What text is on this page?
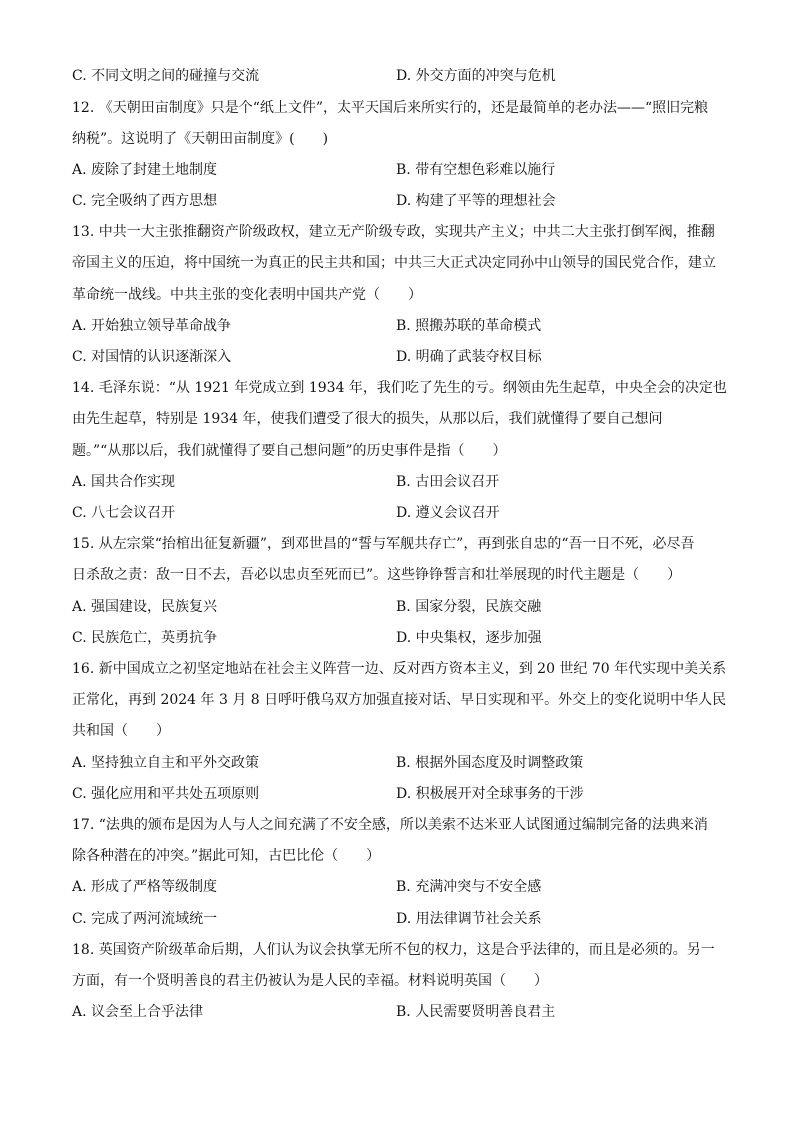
C. 不同文明之间的碰撞与交流	D. 外交方面的冲突与危机
12. 《天朝田亩制度》只是个“纸上文件”，太平天国后来所实行的，还是最简单的老办法——“照旧完粮
纳税”。这说明了《天朝田亩制度》(　　)
A. 废除了封建土地制度	B. 带有空想色彩难以施行
C. 完全吸纳了西方思想	D. 构建了平等的理想社会
13. 中共一大主张推翻资产阶级政权，建立无产阶级专政，实现共产主义；中共二大主张打倒军阀，推翻
帝国主义的压迫，将中国统一为真正的民主共和国；中共三大正式决定同孙中山领导的国民党合作，建立
革命统一战线。中共主张的变化表明中国共产党（　　）
A. 开始独立领导革命战争	B. 照搬苏联的革命模式
C. 对国情的认识逐渐深入	D. 明确了武装夺权目标
14. 毛泽东说：“从 1921 年党成立到 1934 年，我们吃了先生的亏。纲领由先生起草，中央全会的决定也
由先生起草，特别是 1934 年，使我们遭受了很大的损失，从那以后，我们就懂得了要自己想问
题。”“从那以后，我们就懂得了要自己想问题”的历史事件是指（　　）
A. 国共合作实现	B. 古田会议召开
C. 八七会议召开	D. 遵义会议召开
15. 从左宗棠“抬棺出征复新疆”，到邓世昌的“誓与军舰共存亡”，再到张自忠的“吾一日不死，必尽吾
日杀敌之责：敌一日不去，吾必以忠贞至死而已”。这些铮铮誓言和壮举展现的时代主题是（　　）
A. 强国建设，民族复兴	B. 国家分裂，民族交融
C. 民族危亡，英勇抗争	D. 中央集权，逐步加强
16. 新中国成立之初坚定地站在社会主义阵营一边、反对西方资本主义，到 20 世纪 70 年代实现中美关系
正常化，再到 2024 年 3 月 8 日呼吁俄乌双方加强直接对话、早日实现和平。外交上的变化说明中华人民
共和国（　　）
A. 坚持独立自主和平外交政策	B. 根据外国态度及时调整政策
C. 强化应用和平共处五项原则	D. 积极展开对全球事务的干涉
17. “法典的颁布是因为人与人之间充满了不安全感，所以美索不达米亚人试图通过编制完备的法典来消
除各种潜在的冲突。”据此可知，古巴比伦（　　）
A. 形成了严格等级制度	B. 充满冲突与不安全感
C. 完成了两河流域统一	D. 用法律调节社会关系
18. 英国资产阶级革命后期，人们认为议会执掌无所不包的权力，这是合乎法律的，而且是必须的。另一
方面，有一个贤明善良的君主仍被认为是人民的幸福。材料说明英国（　　）
A. 议会至上合乎法律	B. 人民需要贤明善良君主
